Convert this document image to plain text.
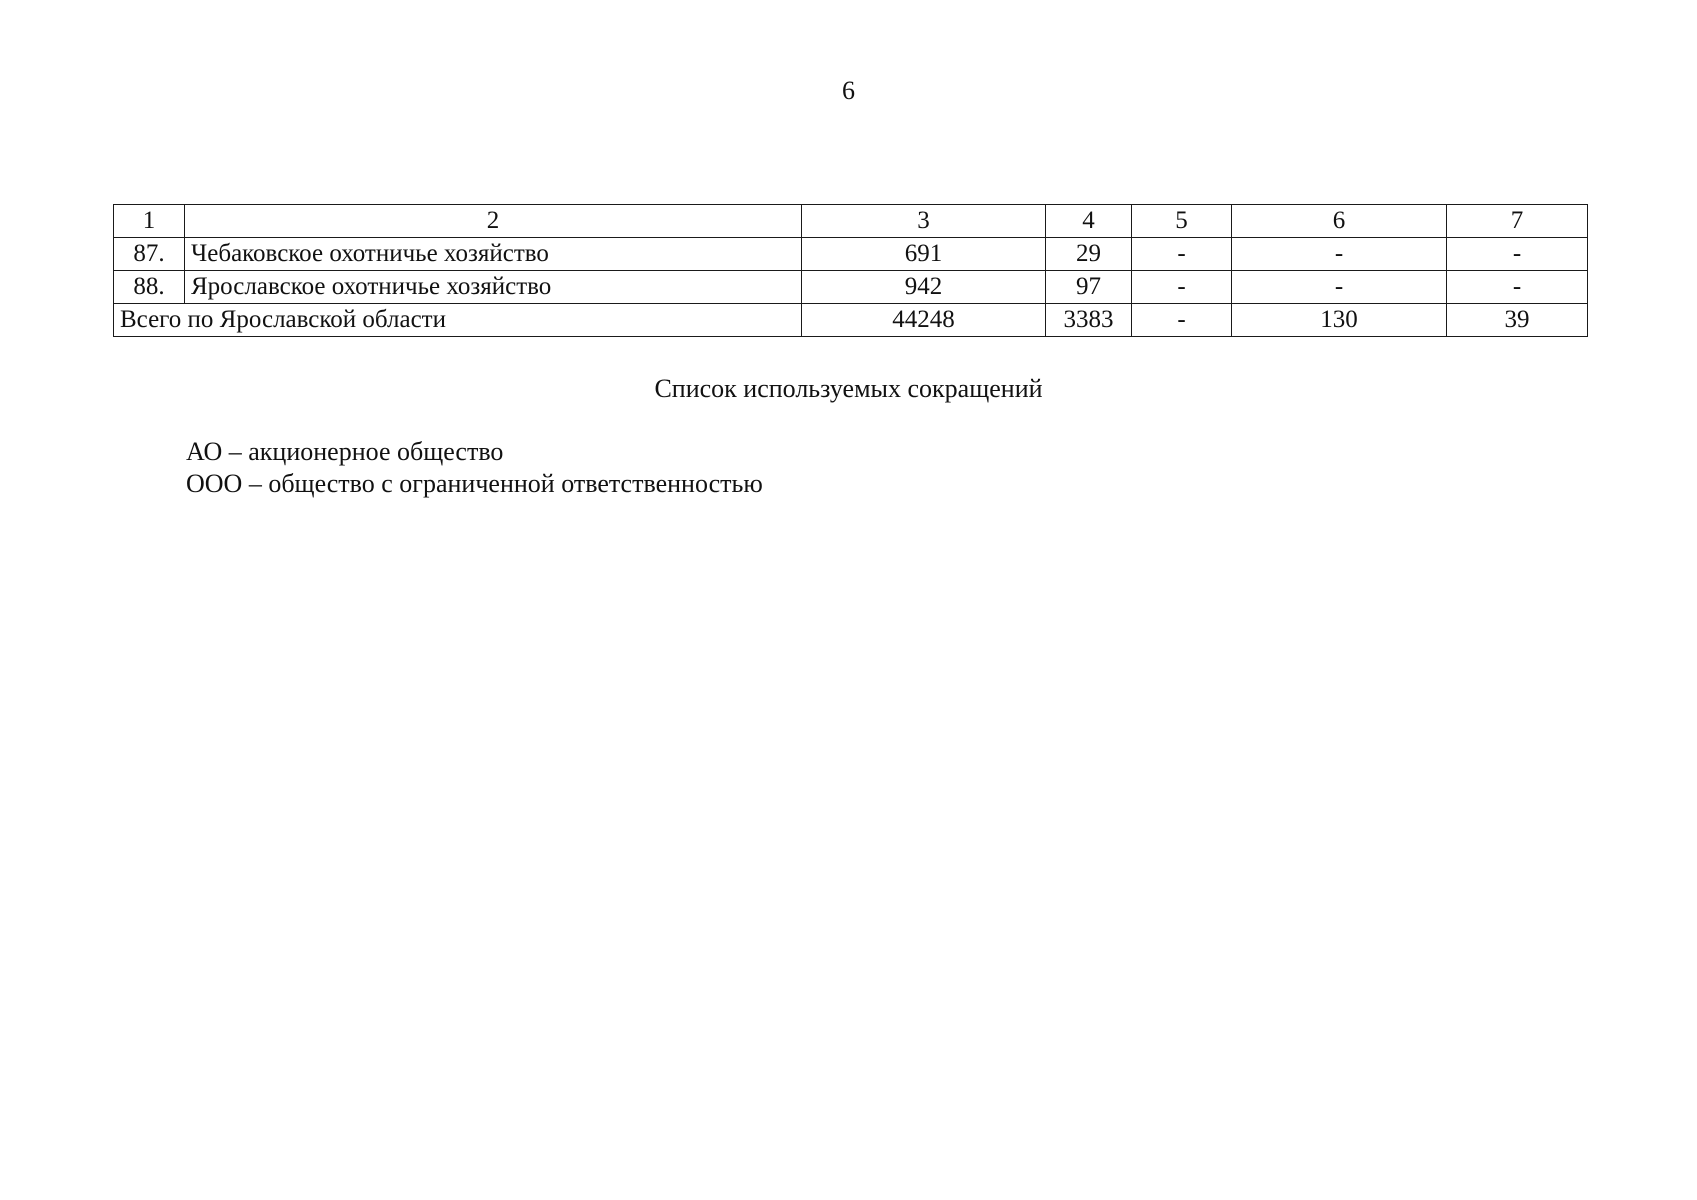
6
1	2	3	4	5	6	7
87.	Чебаковское охотничье хозяйство	691	29	-	-	-
88.	Ярославское охотничье хозяйство	942	97	-	-	-
Всего по Ярославской области		44248	3383	-	130	39
Список используемых сокращений
АО – акционерное общество
ООО – общество с ограниченной ответственностью
